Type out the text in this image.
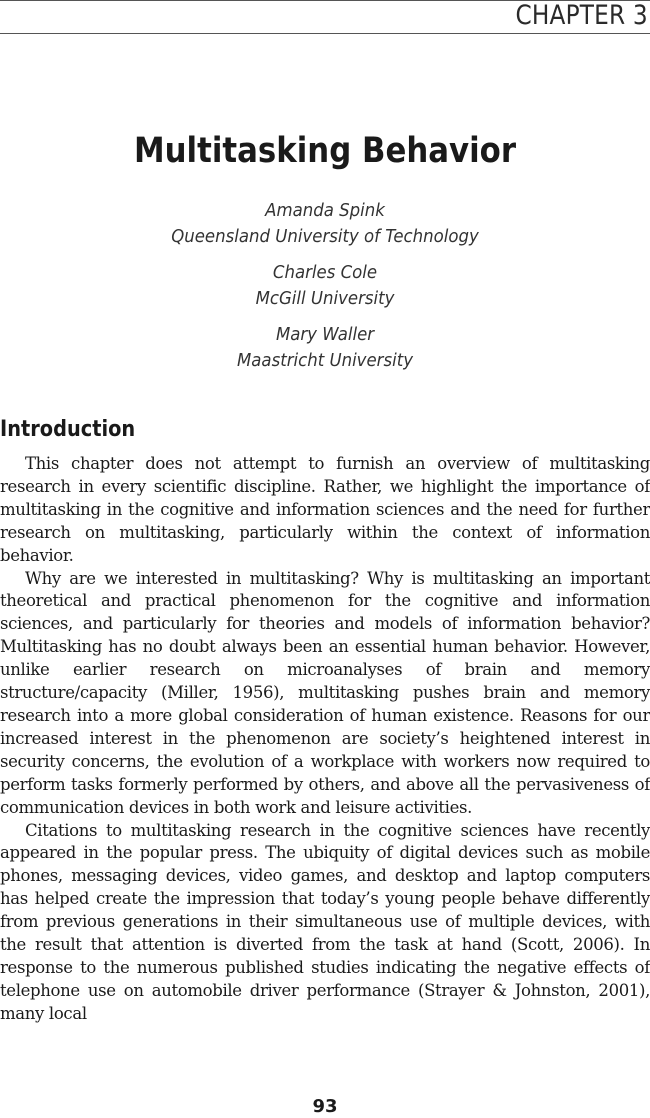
CHAPTER 3
Multitasking Behavior
Amanda Spink
Queensland University of Technology
Charles Cole
McGill University
Mary Waller
Maastricht University
Introduction

This chapter does not attempt to furnish an overview of multitasking research in every scientific discipline. Rather, we highlight the importance of multitasking in the cognitive and information sciences and the need for further research on multitasking, particularly within the context of information behavior.

Why are we interested in multitasking? Why is multitasking an important theoretical and practical phenomenon for the cognitive and information sciences, and particularly for theories and models of information behavior? Multitasking has no doubt always been an essential human behavior. However, unlike earlier research on microanalyses of brain and memory structure/capacity (Miller, 1956), multitasking pushes brain and memory research into a more global consideration of human existence. Reasons for our increased interest in the phenomenon are society’s heightened interest in security concerns, the evolution of a workplace with workers now required to perform tasks formerly performed by others, and above all the pervasiveness of communication devices in both work and leisure activities.

Citations to multitasking research in the cognitive sciences have recently appeared in the popular press. The ubiquity of digital devices such as mobile phones, messaging devices, video games, and desktop and laptop computers has helped create the impression that today’s young people behave differently from previous generations in their simultaneous use of multiple devices, with the result that attention is diverted from the task at hand (Scott, 2006). In response to the numerous published studies indicating the negative effects of telephone use on automobile driver performance (Strayer & Johnston, 2001), many local

93
